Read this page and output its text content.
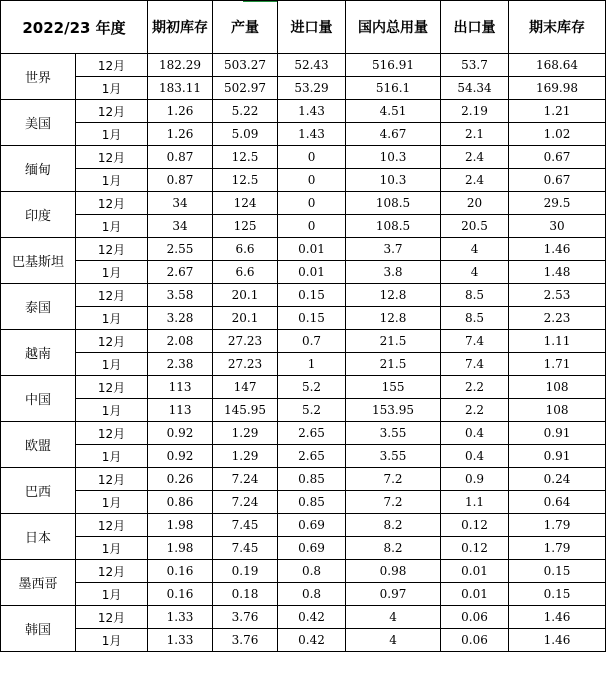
2022/23 年度		期初库存	产量	进口量	国内总用量	出口量	期末库存
世界	12月	182.29	503.27	52.43	516.91	53.7	168.64
	1月	183.11	502.97	53.29	516.1	54.34	169.98
美国	12月	1.26	5.22	1.43	4.51	2.19	1.21
	1月	1.26	5.09	1.43	4.67	2.1	1.02
缅甸	12月	0.87	12.5	0	10.3	2.4	0.67
	1月	0.87	12.5	0	10.3	2.4	0.67
印度	12月	34	124	0	108.5	20	29.5
	1月	34	125	0	108.5	20.5	30
巴基斯坦	12月	2.55	6.6	0.01	3.7	4	1.46
	1月	2.67	6.6	0.01	3.8	4	1.48
泰国	12月	3.58	20.1	0.15	12.8	8.5	2.53
	1月	3.28	20.1	0.15	12.8	8.5	2.23
越南	12月	2.08	27.23	0.7	21.5	7.4	1.11
	1月	2.38	27.23	1	21.5	7.4	1.71
中国	12月	113	147	5.2	155	2.2	108
	1月	113	145.95	5.2	153.95	2.2	108
欧盟	12月	0.92	1.29	2.65	3.55	0.4	0.91
	1月	0.92	1.29	2.65	3.55	0.4	0.91
巴西	12月	0.26	7.24	0.85	7.2	0.9	0.24
	1月	0.86	7.24	0.85	7.2	1.1	0.64
日本	12月	1.98	7.45	0.69	8.2	0.12	1.79
	1月	1.98	7.45	0.69	8.2	0.12	1.79
墨西哥	12月	0.16	0.19	0.8	0.98	0.01	0.15
	1月	0.16	0.18	0.8	0.97	0.01	0.15
韩国	12月	1.33	3.76	0.42	4	0.06	1.46
	1月	1.33	3.76	0.42	4	0.06	1.46
